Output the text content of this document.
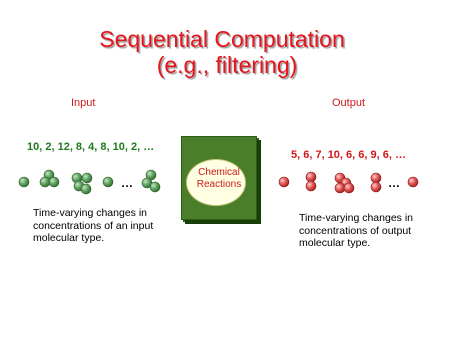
Sequential Computation
(e.g., filtering)
Input	Output
10, 2, 12, 8, 4, 8, 10, 2, …
5, 6, 7, 10, 6, 6, 9, 6, …
…	…
Chemical
Reactions
Time-varying changes in concentrations of an input molecular type.
Time-varying changes in concentrations of output molecular type.
